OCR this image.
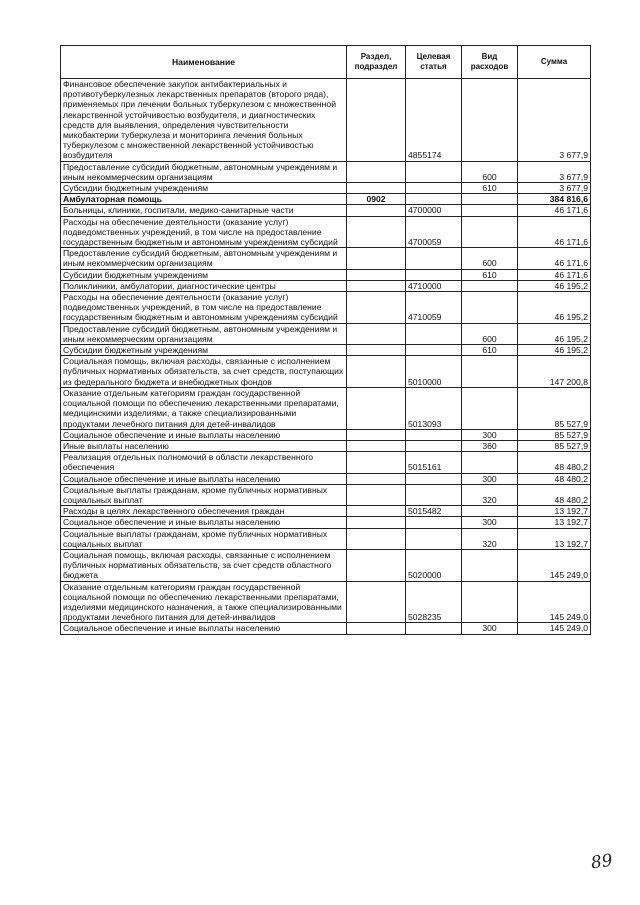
Наименование	Раздел, подраздел	Целевая статья	Вид расходов	Сумма
Финансовое обеспечение закупок антибактериальных и противотуберкулезных лекарственных препаратов (второго ряда), применяемых при лечении больных туберкулезом с множественной лекарственной устойчивостью возбудителя, и диагностических средств для выявления, определения чувствительности микобактерии туберкулеза и мониторинга лечения больных туберкулезом с множественной лекарственной устойчивостью возбудителя		4855174		3 677,9
Предоставление субсидий бюджетным, автономным учреждениям и иным некоммерческим организациям			600	3 677,9
Субсидии бюджетным учреждениям			610	3 677,9
Амбулаторная помощь	0902			384 816,6
Больницы, клиники, госпитали, медико-санитарные части		4700000		46 171,6
Расходы на обеспечение деятельности (оказание услуг) подведомственных учреждений, в том числе на предоставление государственным бюджетным и автономным учреждениям субсидий		4700059		46 171,6
Предоставление субсидий бюджетным, автономным учреждениям и иным некоммерческим организациям			600	46 171,6
Субсидии бюджетным учреждениям			610	46 171,6
Поликлиники, амбулатории, диагностические центры		4710000		46 195,2
Расходы на обеспечение деятельности (оказание услуг) подведомственных учреждений, в том числе на предоставление государственным бюджетным и автономным учреждениям субсидий		4710059		46 195,2
Предоставление субсидий бюджетным, автономным учреждениям и иным некоммерческим организациям			600	46 195,2
Субсидии бюджетным учреждениям			610	46 195,2
Социальная помощь, включая расходы, связанные с исполнением публичных нормативных обязательств, за счет средств, поступающих из федерального бюджета и внебюджетных фондов		5010000		147 200,8
Оказание отдельным категориям граждан государственной социальной помощи по обеспечению лекарственными препаратами, медицинскими изделиями, а также специализированными продуктами лечебного питания для детей-инвалидов		5013093		85 527,9
Социальное обеспечение и иные выплаты населению			300	85 527,9
Иные выплаты населению			360	85 527,9
Реализация отдельных полномочий в области лекарственного обеспечения		5015161		48 480,2
Социальное обеспечение и иные выплаты населению			300	48 480,2
Социальные выплаты гражданам, кроме публичных нормативных социальных выплат			320	48 480,2
Расходы в целях лекарственного обеспечения граждан		5015482		13 192,7
Социальное обеспечение и иные выплаты населению			300	13 192,7
Социальные выплаты гражданам, кроме публичных нормативных социальных выплат			320	13 192,7
Социальная помощь, включая расходы, связанные с исполнением публичных нормативных обязательств, за счет средств областного бюджета		5020000		145 249,0
Оказание отдельным категориям граждан государственной социальной помощи по обеспечению лекарственными препаратами, изделиями медицинского назначения, а также специализированными продуктами лечебного питания для детей-инвалидов		5028235		145 249,0
Социальное обеспечение и иные выплаты населению			300	145 249,0
89
